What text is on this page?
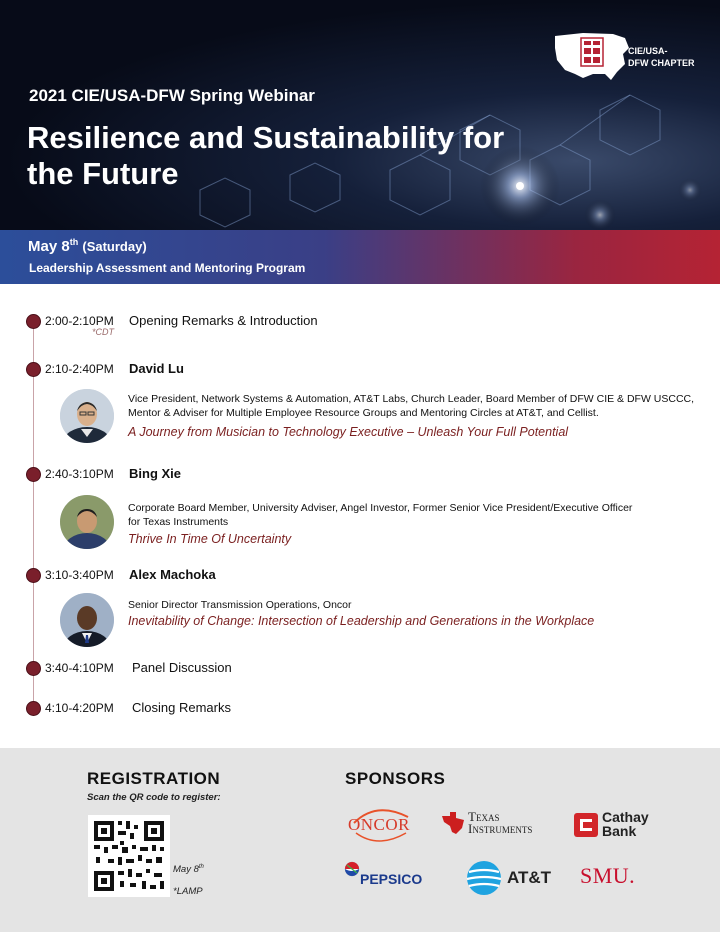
2021 CIE/USA-DFW Spring Webinar
Resilience and Sustainability for the Future
CIE/USA-
DFW CHAPTER
May 8th (Saturday)
Leadership Assessment and Mentoring Program
2:00-2:10PM Opening Remarks & Introduction
*CDT
2:10-2:40PM David Lu
Vice President, Network Systems & Automation, AT&T Labs, Church Leader, Board Member of DFW CIE & DFW USCCC,
Mentor & Adviser for Multiple Employee Resource Groups and Mentoring Circles at AT&T, and Cellist.
A Journey from Musician to Technology Executive – Unleash Your Full Potential
2:40-3:10PM Bing Xie
Corporate Board Member, University Adviser, Angel Investor, Former Senior Vice President/Executive Officer
for Texas Instruments
Thrive In Time Of Uncertainty
3:10-3:40PM Alex Machoka
Senior Director Transmission Operations, Oncor
Inevitability of Change: Intersection of Leadership and Generations in the Workplace
3:40-4:10PM Panel Discussion
4:10-4:20PM Closing Remarks
REGISTRATION
Scan the QR code to register:
May 8th
*LAMP
SPONSORS
ONCOR	Texas
Instruments
Cathay
Bank
PEPSICO	AT&T SMU.
